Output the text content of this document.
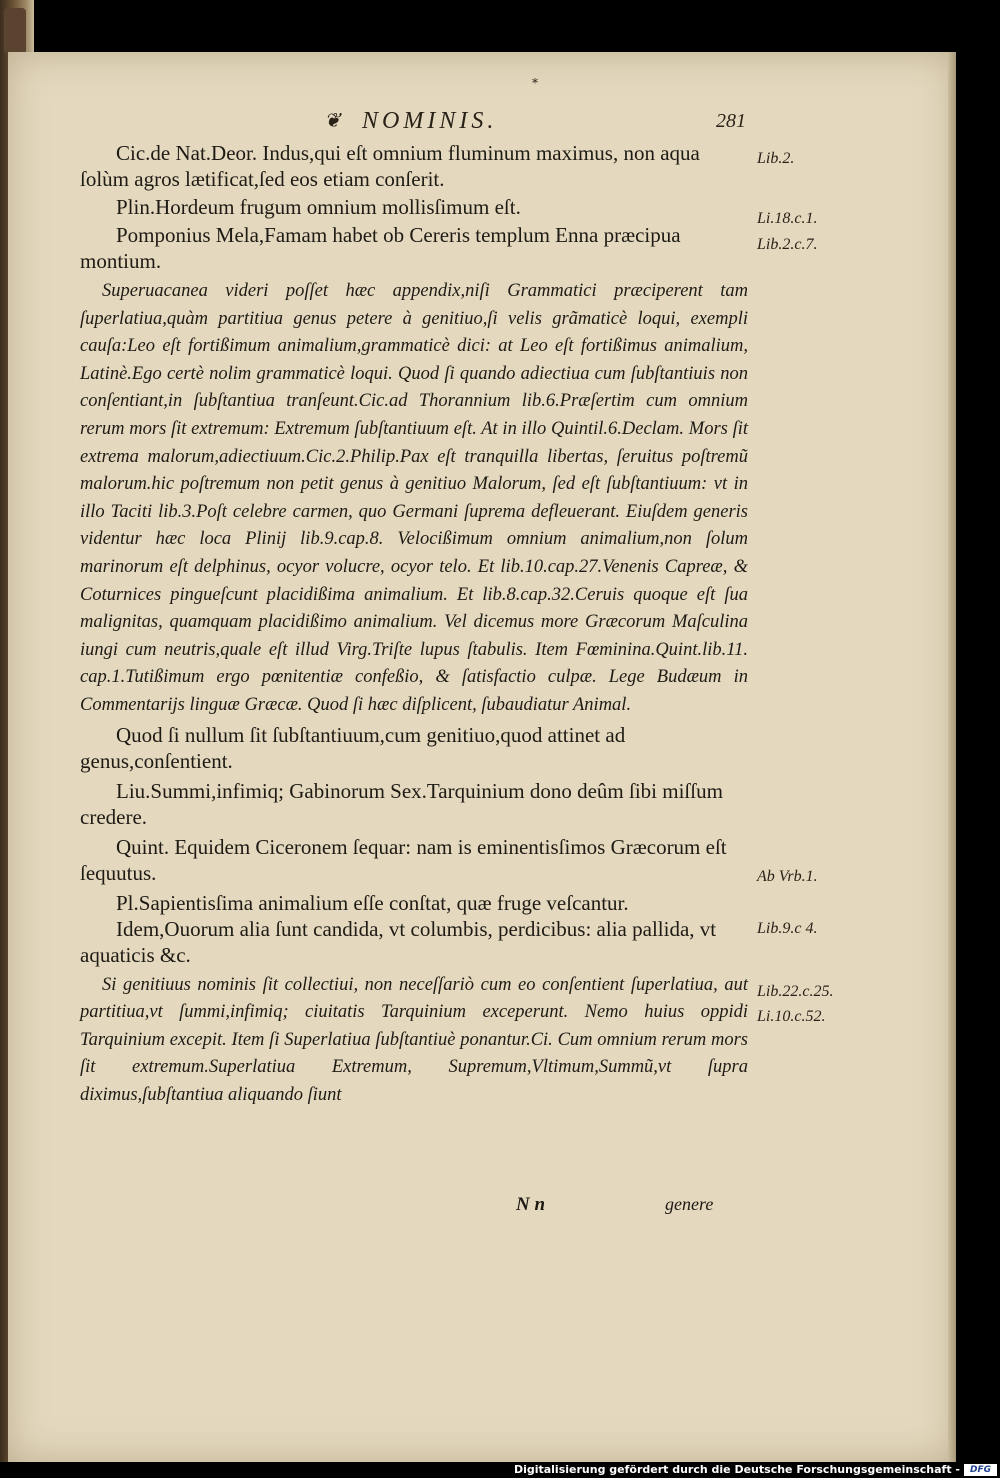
*
❦ NOMINIS.	281

Cic.de Nat.Deor. Indus,qui eſt omnium fluminum maximus, non aqua ſolùm agros lætificat,ſed eos etiam conſerit.

Plin.Hordeum frugum omnium mollisſimum eſt.

Pomponius Mela,Famam habet ob Cereris templum Enna præcipua montium.

Superuacanea videri poſſet hæc appendix,niſi Grammatici præciperent tam ſuperlatiua,quàm partitiua genus petere à genitiuo,ſi velis grãmaticè loqui, exempli cauſa:Leo eſt fortißimum animalium,grammaticè dici: at Leo eſt fortißimus animalium, Latinè.Ego certè nolim grammaticè loqui. Quod ſi quando adiectiua cum ſubſtantiuis non conſentiant,in ſubſtantiua tranſeunt.Cic.ad Thorannium lib.6.Præſertim cum omnium rerum mors ſit extremum: Extremum ſubſtantiuum eſt. At in illo Quintil.6.Declam. Mors ſit extrema malorum,adiectiuum.Cic.2.Philip.Pax eſt tranquilla libertas, ſeruitus poſtremũ malorum.hic poſtremum non petit genus à genitiuo Malorum, ſed eſt ſubſtantiuum: vt in illo Taciti lib.3.Poſt celebre carmen, quo Germani ſuprema defleuerant. Eiuſdem generis videntur hæc loca Plinij lib.9.cap.8. Velocißimum omnium animalium,non ſolum marinorum eſt delphinus, ocyor volucre, ocyor telo. Et lib.10.cap.27.Venenis Capreæ, & Coturnices pingueſcunt placidißima animalium. Et lib.8.cap.32.Ceruis quoque eſt ſua malignitas, quamquam placidißimo animalium. Vel dicemus more Græcorum Maſculina iungi cum neutris,quale eſt illud Virg.Triſte lupus ſtabulis. Item Fœminina.Quint.lib.11. cap.1.Tutißimum ergo pœnitentiæ confeßio, & ſatisfactio culpæ. Lege Budæum in Commentarijs linguæ Græcæ. Quod ſi hæc diſplicent, ſubaudiatur Animal.

Quod ſi nullum ſit ſubſtantiuum,cum genitiuo,quod attinet ad genus,conſentient.

Liu.Summi,infimiq; Gabinorum Sex.Tarquinium dono deûm ſibi miſſum credere.

Quint. Equidem Ciceronem ſequar: nam is eminentisſimos Græcorum eſt ſequutus.

Pl.Sapientisſima animalium eſſe conſtat, quæ fruge veſcantur.

Idem,Ouorum alia ſunt candida, vt columbis, perdicibus: alia pallida, vt aquaticis &c.

Si genitiuus nominis ſit collectiui, non neceſſariò cum eo conſentient ſuperlatiua, aut partitiua,vt ſummi,infimiq; ciuitatis Tarquinium exceperunt. Nemo huius oppidi Tarquinium excepit. Item ſi Superlatiua ſubſtantiuè ponantur.Ci. Cum omnium rerum mors ſit extremum.Superlatiua Extremum, Supremum,Vltimum,Summũ,vt ſupra diximus,ſubſtantiua aliquando ſiunt

Lib.2.
Li.18.c.1.
Lib.2.c.7.
Ab Vrb.1.
Lib.9.c 4.
Lib.22.c.25.
Li.10.c.52.
N n	genere
Digitalisierung gefördert durch die Deutsche Forschungsgemeinschaft -	DFG
